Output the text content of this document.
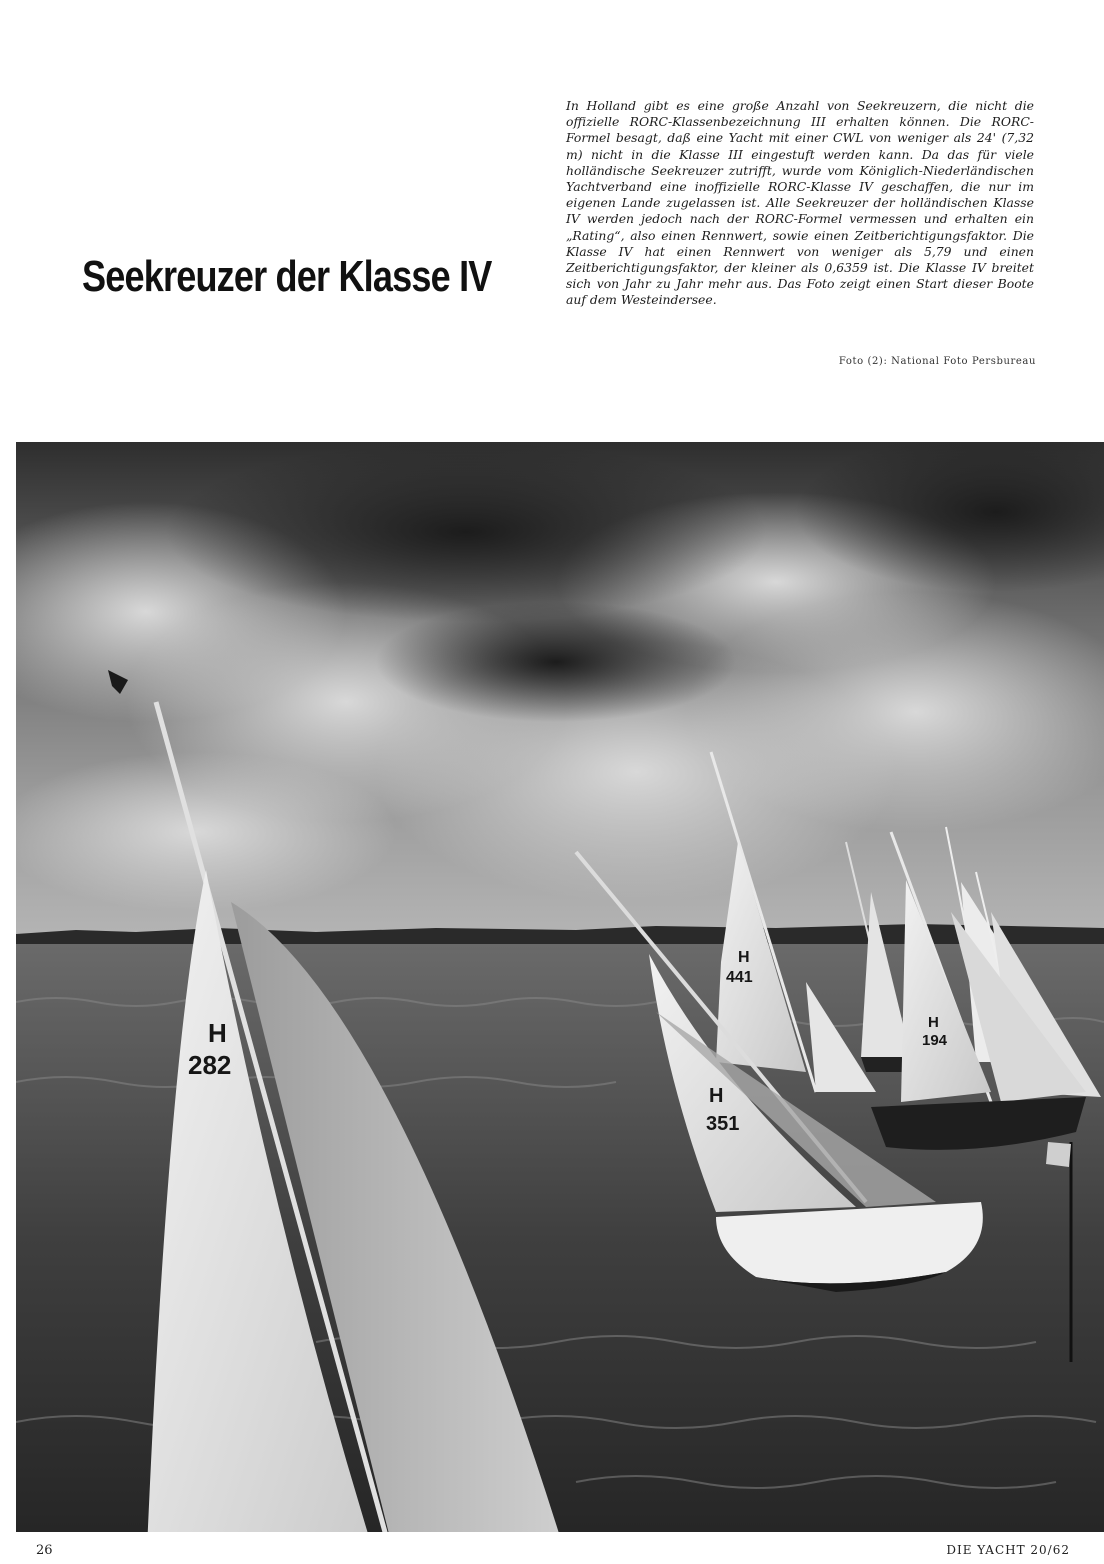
Seekreuzer der Klasse IV

In Holland gibt es eine große Anzahl von Seekreuzern, die nicht die offizielle RORC-Klassenbezeichnung III erhalten können. Die RORC-Formel besagt, daß eine Yacht mit einer CWL von weniger als 24' (7,32 m) nicht in die Klasse III eingestuft werden kann. Da das für viele holländische Seekreuzer zutrifft, wurde vom Königlich-Niederländischen Yachtverband eine inoffizielle RORC-Klasse IV geschaffen, die nur im eigenen Lande zugelassen ist. Alle Seekreuzer der holländischen Klasse IV werden jedoch nach der RORC-Formel vermessen und erhalten ein „Rating“, also einen Rennwert, sowie einen Zeitberichtigungsfaktor. Die Klasse IV hat einen Rennwert von weniger als 5,79 und einen Zeitberichtigungsfaktor, der kleiner als 0,6359 ist. Die Klasse IV breitet sich von Jahr zu Jahr mehr aus. Das Foto zeigt einen Start dieser Boote auf dem Westeindersee.

Foto (2): National Foto Persbureau
H
194
H
441
H
351
H
282
26	DIE YACHT 20/62
